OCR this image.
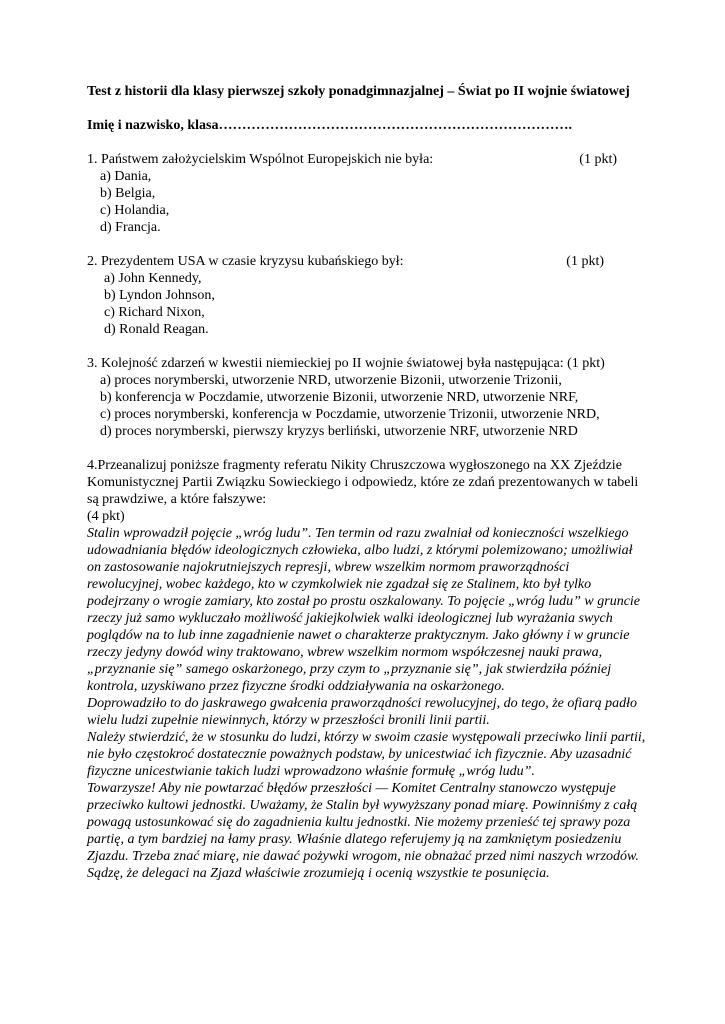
Test z historii dla klasy pierwszej szkoły ponadgimnazjalnej – Świat po II wojnie światowej

Imię i nazwisko, klasa………………………………………………………………….
1. Państwem założycielskim Wspólnot Europejskich nie była:	(1 pkt)
a) Dania,
b) Belgia,
c) Holandia,
d) Francja.
2. Prezydentem USA w czasie kryzysu kubańskiego był:	(1 pkt)
a) John Kennedy,
b) Lyndon Johnson,
c) Richard Nixon,
d) Ronald Reagan.
3. Kolejność zdarzeń w kwestii niemieckiej po II wojnie światowej była następująca: (1 pkt)
a) proces norymberski, utworzenie NRD, utworzenie Bizonii, utworzenie Trizonii,
b) konferencja w Poczdamie, utworzenie Bizonii, utworzenie NRD, utworzenie NRF,
c) proces norymberski, konferencja w Poczdamie, utworzenie Trizonii, utworzenie NRD,
d) proces norymberski, pierwszy kryzys berliński, utworzenie NRF, utworzenie NRD
4.Przeanalizuj poniższe fragmenty referatu Nikity Chruszczowa wygłoszonego na XX Zjeździe Komunistycznej Partii Związku Sowieckiego i odpowiedz, które ze zdań prezentowanych w tabeli są prawdziwe, a które fałszywe:
(4 pkt)

Stalin wprowadził pojęcie „wróg ludu”. Ten termin od razu zwalniał od konieczności wszelkiego udowadniania błędów ideologicznych człowieka, albo ludzi, z którymi polemizowano; umożliwiał on zastosowanie najokrutniejszych represji, wbrew wszelkim normom praworządności rewolucyjnej, wobec każdego, kto w czymkolwiek nie zgadzał się ze Stalinem, kto był tylko podejrzany o wrogie zamiary, kto został po prostu oszkalowany. To pojęcie „wróg ludu” w gruncie rzeczy już samo wykluczało możliwość jakiejkolwiek walki ideologicznej lub wyrażania swych poglądów na to lub inne zagadnienie nawet o charakterze praktycznym. Jako główny i w gruncie rzeczy jedyny dowód winy traktowano, wbrew wszelkim normom współczesnej nauki prawa, „przyznanie się” samego oskarżonego, przy czym to „przyznanie się”, jak stwierdziła później kontrola, uzyskiwano przez fizyczne środki oddziaływania na oskarżonego.

Doprowadziło to do jaskrawego gwałcenia praworządności rewolucyjnej, do tego, że ofiarą padło wielu ludzi zupełnie niewinnych, którzy w przeszłości bronili linii partii.

Należy stwierdzić, że w stosunku do ludzi, którzy w swoim czasie występowali przeciwko linii partii, nie było częstokroć dostatecznie poważnych podstaw, by unicestwiać ich fizycznie. Aby uzasadnić fizyczne unicestwianie takich ludzi wprowadzono właśnie formułę „wróg ludu”.

Towarzysze! Aby nie powtarzać błędów przeszłości — Komitet Centralny stanowczo występuje przeciwko kultowi jednostki. Uważamy, że Stalin był wywyższany ponad miarę. Powinniśmy z całą powagą ustosunkować się do zagadnienia kultu jednostki. Nie możemy przenieść tej sprawy poza partię, a tym bardziej na łamy prasy. Właśnie dlatego referujemy ją na zamkniętym posiedzeniu Zjazdu. Trzeba znać miarę, nie dawać pożywki wrogom, nie obnażać przed nimi naszych wrzodów. Sądzę, że delegaci na Zjazd właściwie zrozumieją i ocenią wszystkie te posunięcia.
